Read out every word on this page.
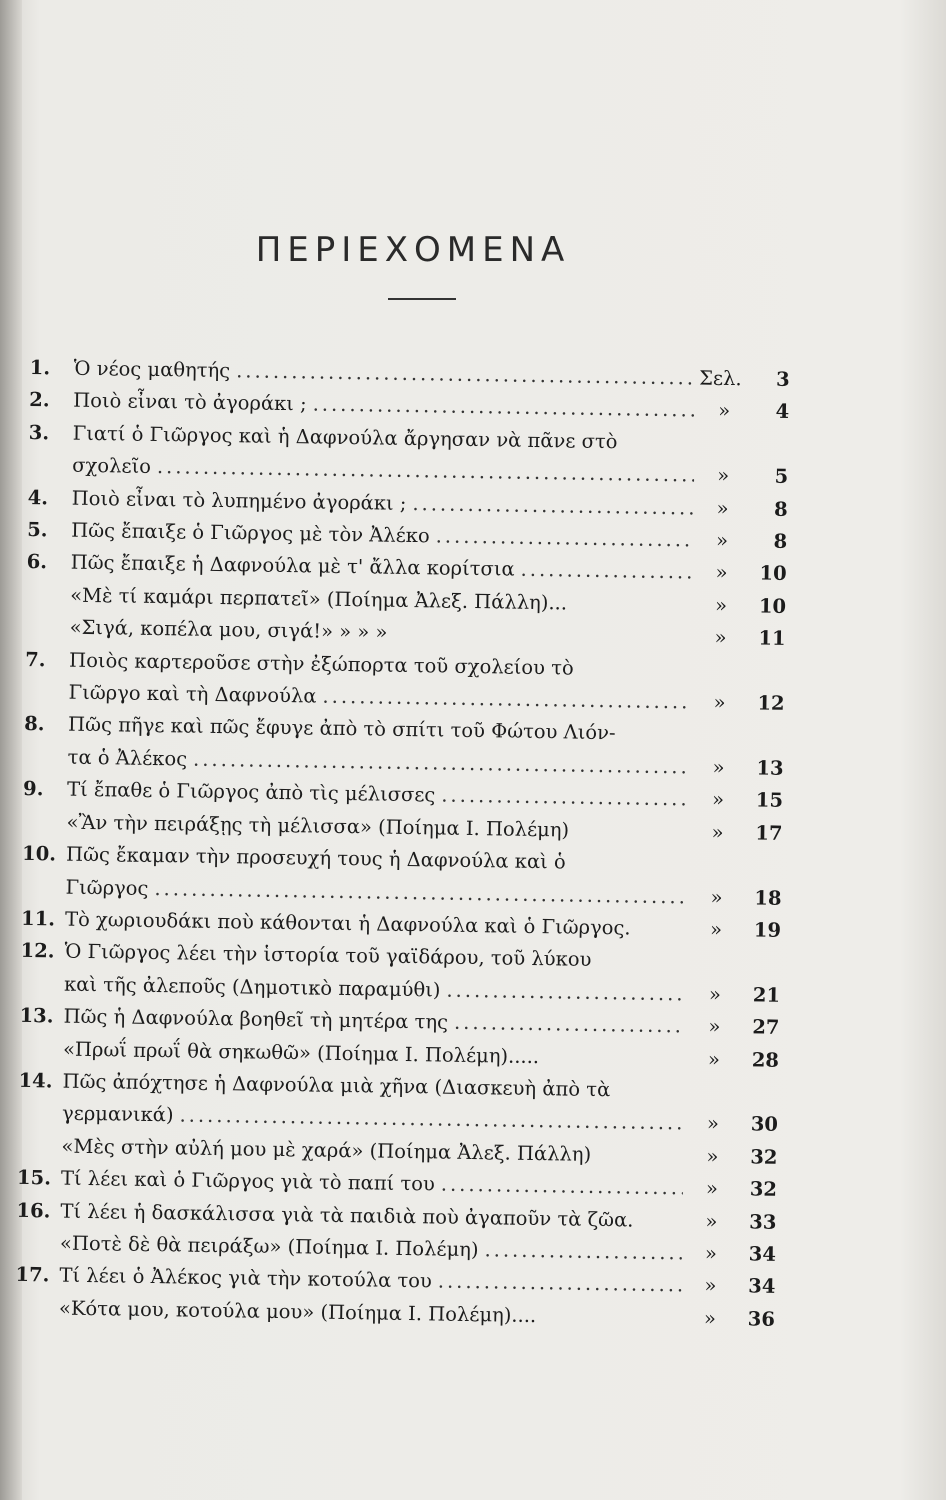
ΠΕΡΙΕΧΟΜΕΝΑ
1.	Ὁ νέος μαθητής .....	Σελ.	3
2.	Ποιὸ εἶναι τὸ ἀγοράκι ; .....	»	4
3.	Γιατί ὁ Γιῶργος καὶ ἡ Δαφνούλα ἄργησαν νὰ πᾶνε στὸ
σχολεῖο .....	»	5
4.	Ποιὸ εἶναι τὸ λυπημένο ἀγοράκι ; .....	»	8
5.	Πῶς ἔπαιξε ὁ Γιῶργος μὲ τὸν Ἀλέκο .....	»	8
6.	Πῶς ἔπαιξε ἡ Δαφνούλα μὲ τ' ἄλλα κορίτσια .....	»	10
«Μὲ τί καμάρι περπατεῖ» (Ποίημα Ἀλεξ. Πάλλη)...	»	10
«Σιγά, κοπέλα μου, σιγά!» » » »	»	11
7.	Ποιὸς καρτεροῦσε στὴν ἐξώπορτα τοῦ σχολείου τὸ
Γιῶργο καὶ τὴ Δαφνούλα .....	»	12
8.	Πῶς πῆγε καὶ πῶς ἔφυγε ἀπὸ τὸ σπίτι τοῦ Φώτου Λιόν-
τα ὁ Ἀλέκος .....	»	13
9.	Τί ἔπαθε ὁ Γιῶργος ἀπὸ τὶς μέλισσες .....	»	15
«Ἂν τὴν πειράξῃς τὴ μέλισσα» (Ποίημα Ι. Πολέμη)	»	17
10. Πῶς ἔκαμαν τὴν προσευχή τους ἡ Δαφνούλα καὶ ὁ
Γιῶργος .....	»	18
11. Τὸ χωριουδάκι ποὺ κάθονται ἡ Δαφνούλα καὶ ὁ Γιῶργος.	»	19
12. Ὁ Γιῶργος λέει τὴν ἱστορία τοῦ γαϊδάρου, τοῦ λύκου
καὶ τῆς ἀλεποῦς (Δημοτικὸ παραμύθι) .....	»	21
13. Πῶς ἡ Δαφνούλα βοηθεῖ τὴ μητέρα της .....	»	27
«Πρωΐ πρωΐ θὰ σηκωθῶ» (Ποίημα Ι. Πολέμη).....	»	28
14. Πῶς ἀπόχτησε ἡ Δαφνούλα μιὰ χῆνα (Διασκευὴ ἀπὸ τὰ
γερμανικά) .....	»	30
«Μὲς στὴν αὐλή μου μὲ χαρά» (Ποίημα Ἀλεξ. Πάλλη)	»	32
15. Τί λέει καὶ ὁ Γιῶργος γιὰ τὸ παπί του .....	»	32
16. Τί λέει ἡ δασκάλισσα γιὰ τὰ παιδιὰ ποὺ ἀγαποῦν τὰ ζῶα.	»	33
«Ποτὲ δὲ θὰ πειράξω» (Ποίημα Ι. Πολέμη) .....	»	34
17. Τί λέει ὁ Ἀλέκος γιὰ τὴν κοτούλα του .....	»	34
«Κότα μου, κοτούλα μου» (Ποίημα Ι. Πολέμη)....	»	36
